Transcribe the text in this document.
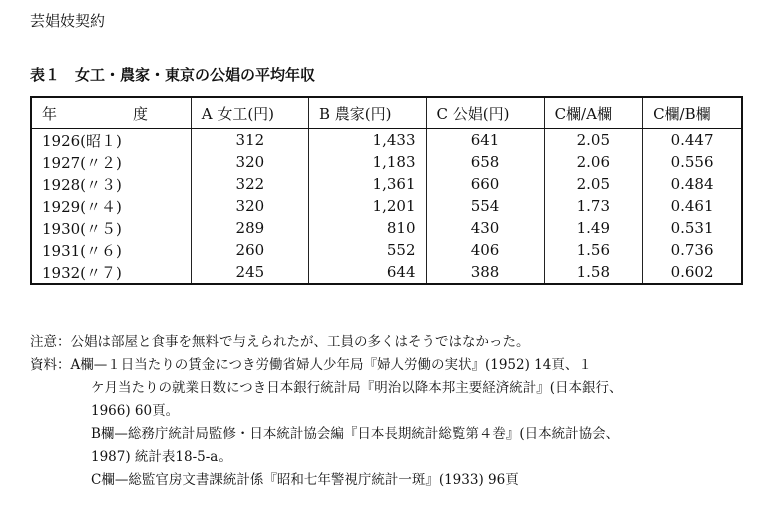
芸娼妓契約
表１　女工・農家・東京の公娼の平均年収
年 度	A 女工(円)	B 農家(円)	C 公娼(円)	C欄/A欄	C欄/B欄
1926(昭１)	312	1,433	641	2.05	0.447
1927(〃２)	320	1,183	658	2.06	0.556
1928(〃３)	322	1,361	660	2.05	0.484
1929(〃４)	320	1,201	554	1.73	0.461
1930(〃５)	289	810	430	1.49	0.531
1931(〃６)	260	552	406	1.56	0.736
1932(〃７)	245	644	388	1.58	0.602
注意：公娼は部屋と食事を無料で与えられたが、工員の多くはそうではなかった。
資料：A欄—１日当たりの賃金につき労働省婦人少年局『婦人労働の実状』(1952) 14頁、１
ケ月当たりの就業日数につき日本銀行統計局『明治以降本邦主要経済統計』(日本銀行、
1966) 60頁。
B欄—総務庁統計局監修・日本統計協会編『日本長期統計総覧第４巻』(日本統計協会、
1987) 統計表18-5-a。
C欄—総監官房文書課統計係『昭和七年警視庁統計一斑』(1933) 96頁
